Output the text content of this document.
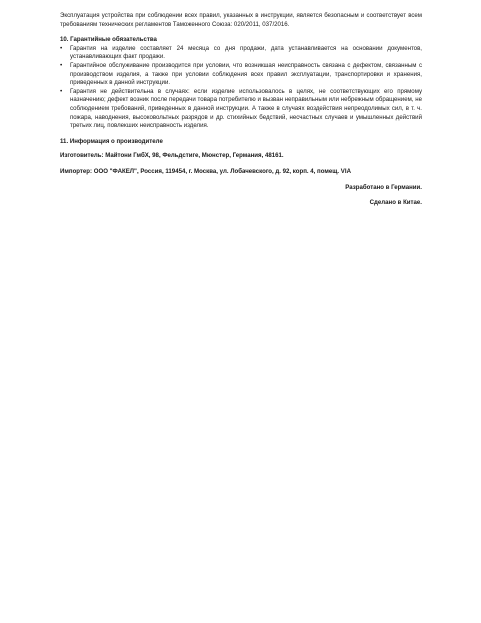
Эксплуатация устройства при соблюдении всех правил, указанных в инструкции, является безопасным и соответствует всем требованиям технических регламентов Таможенного Союза: 020/2011, 037/2016.

10. Гарантийные обязательства

• Гарантия на изделие составляет 24 месяца со дня продажи, дата устанавливается на основании документов, устанавливающих факт продажи.
• Гарантийное обслуживание производится при условии, что возникшая неисправность связана с дефектом, связанным с производством изделия, а также при условии соблюдения всех правил эксплуатации, транспортировки и хранения, приведенных в данной инструкции.
• Гарантия не действительна в случаях: если изделие использовалось в целях, не соответствующих его прямому назначению; дефект возник после передачи товара потребителю и вызван неправильным или небрежным обращением, не соблюдением требований, приведенных в данной инструкции. А также в случаях воздействия непреодолимых сил, в т. ч. пожара, наводнения, высоковольтных разрядов и др. стихийных бедствий, несчастных случаев и умышленных действий третьих лиц, повлекших неисправность изделия.

11. Информация о производителе

Изготовитель: Майтони ГмбХ, 98, Фельдстиге, Мюнстер, Германия, 48161.

Импортер: ООО "ФАКЕЛ", Россия, 119454, г. Москва, ул. Лобачевского, д. 92, корп. 4, помещ. VIA

Разработано в Германии.

Сделано в Китае.
